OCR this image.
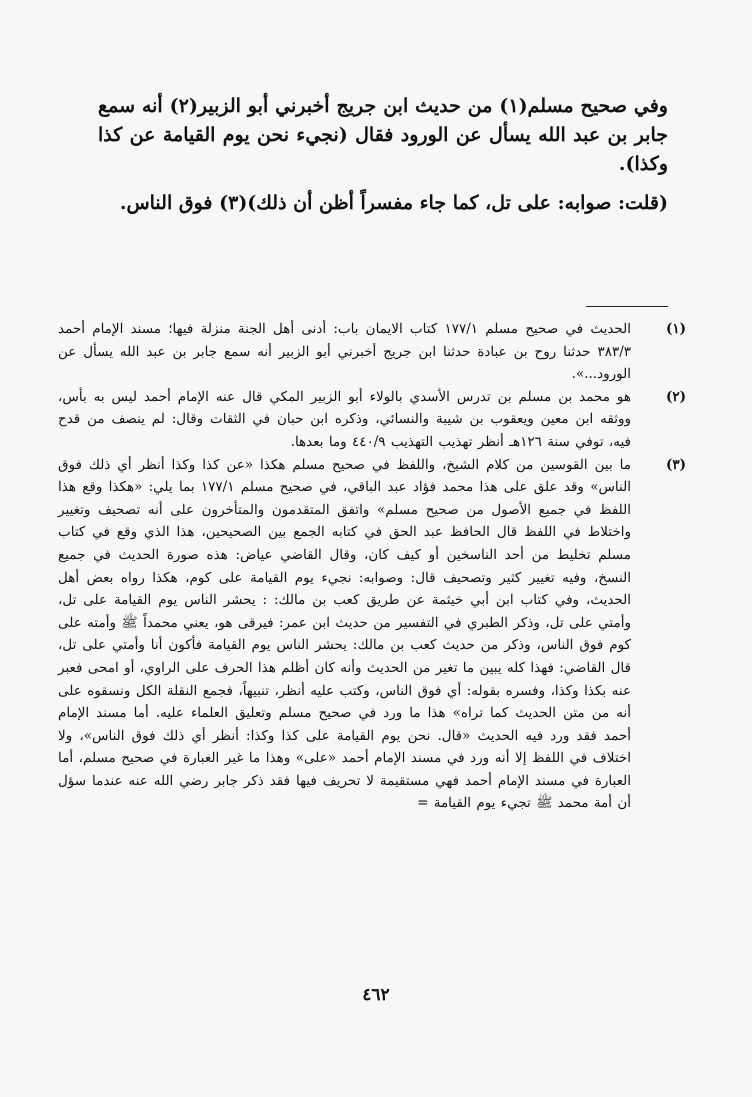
وفي صحيح مسلم(١) من حديث ابن جريج أخبرني أبو الزبير(٢) أنه سمع جابر بن عبد الله يسأل عن الورود فقال (نجيء نحن يوم القيامة عن كذا وكذا).

(قلت: صوابه: على تل، كما جاء مفسراً أظن أن ذلك)(٣) فوق الناس.

(١)

الحديث في صحيح مسلم ١٧٧/١ كتاب الايمان باب: أدنى أهل الجنة منزلة فيها؛ مسند الإمام أحمد ٣٨٣/٣ حدثنا روح بن عبادة حدثنا ابن جريج أخبرني أبو الزبير أنه سمع جابر بن عبد الله يسأل عن الورود...».

(٢)

هو محمد بن مسلم بن تدرس الأسدي بالولاء أبو الزبير المكي قال عنه الإمام أحمد ليس به بأس، ووثقه ابن معين ويعقوب بن شيبة والنسائي، وذكره ابن حبان في الثقات وقال: لم ينصف من قدح فيه، توفي سنة ١٢٦هـ أنظر تهذيب التهذيب ٤٤٠/٩ وما بعدها.

(٣)

ما بين القوسين من كلام الشيخ، واللفظ في صحيح مسلم هكذا «عن كذا وكذا أنظر أي ذلك فوق الناس» وقد علق على هذا محمد فؤاد عبد الباقي، في صحيح مسلم ١٧٧/١ بما يلي: «هكذا وقع هذا اللفظ في جميع الأصول من صحيح مسلم» واتفق المتقدمون والمتأخرون على أنه تصحيف وتغيير واختلاط في اللفظ قال الحافظ عبد الحق في كتابه الجمع بين الصحيحين، هذا الذي وقع في كتاب مسلم تخليط من أحد الناسخين أو كيف كان، وقال القاضي عياض: هذه صورة الحديث في جميع النسخ، وفيه تغيير كثير وتصحيف قال: وصوابه: نجيء يوم القيامة على كوم، هكذا رواه بعض أهل الحديث، وفي كتاب ابن أبي خيثمة عن طريق كعب بن مالك: : يحشر الناس يوم القيامة على تل، وأمتي على تل، وذكر الطبري في التفسير من حديث ابن عمر: فيرقى هو، يعني محمداً ﷺ وأمته على كوم فوق الناس، وذكر من حديث كعب بن مالك: يحشر الناس يوم القيامة فأكون أنا وأمتي على تل، قال القاضي: فهذا كله يبين ما تغير من الحديث وأنه كان أظلم هذا الحرف على الراوي، أو امحى فعبر عنه بكذا وكذا، وفسره بقوله: أي فوق الناس، وكتب عليه أنظر، تنبيهاً، فجمع النقلة الكل ونسقوه على أنه من متن الحديث كما تراه» هذا ما ورد في صحيح مسلم وتعليق العلماء عليه. أما مسند الإمام أحمد فقد ورد فيه الحديث «قال. نحن يوم القيامة على كذا وكذا: أنظر أي ذلك فوق الناس»، ولا اختلاف في اللفظ إلا أنه ورد في مسند الإمام أحمد «على» وهذا ما غير العبارة في صحيح مسلم، أما العبارة في مسند الإمام أحمد فهي مستقيمة لا تحريف فيها فقد ذكر جابر رضي الله عنه عندما سؤل أن أمة محمد ﷺ تجيء يوم القيامة =

٤٦٢
